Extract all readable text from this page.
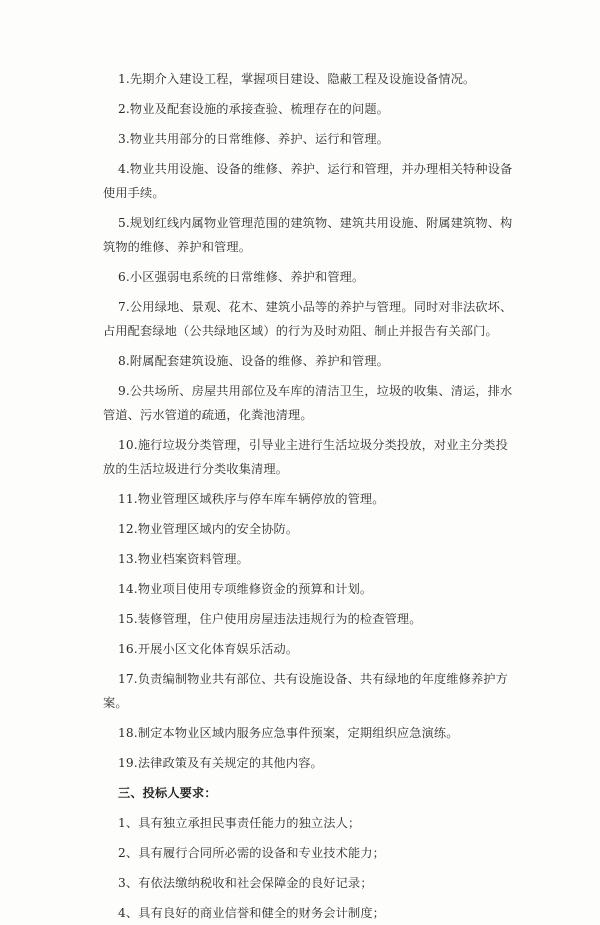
1.先期介入建设工程，掌握项目建设、隐蔽工程及设施设备情况。

2.物业及配套设施的承接查验、梳理存在的问题。

3.物业共用部分的日常维修、养护、运行和管理。

4.物业共用设施、设备的维修、养护、运行和管理，并办理相关特种设备使用手续。

5.规划红线内属物业管理范围的建筑物、建筑共用设施、附属建筑物、构筑物的维修、养护和管理。

6.小区强弱电系统的日常维修、养护和管理。

7.公用绿地、景观、花木、建筑小品等的养护与管理。同时对非法砍坏、占用配套绿地（公共绿地区域）的行为及时劝阻、制止并报告有关部门。

8.附属配套建筑设施、设备的维修、养护和管理。

9.公共场所、房屋共用部位及车库的清洁卫生，垃圾的收集、清运，排水管道、污水管道的疏通，化粪池清理。

10.施行垃圾分类管理，引导业主进行生活垃圾分类投放，对业主分类投放的生活垃圾进行分类收集清理。

11.物业管理区域秩序与停车库车辆停放的管理。

12.物业管理区域内的安全协防。

13.物业档案资料管理。

14.物业项目使用专项维修资金的预算和计划。

15.装修管理，住户使用房屋违法违规行为的检查管理。

16.开展小区文化体育娱乐活动。

17.负责编制物业共有部位、共有设施设备、共有绿地的年度维修养护方案。

18.制定本物业区域内服务应急事件预案，定期组织应急演练。

19.法律政策及有关规定的其他内容。

三、投标人要求：

1、具有独立承担民事责任能力的独立法人；

2、具有履行合同所必需的设备和专业技术能力；

3、有依法缴纳税收和社会保障金的良好记录；

4、具有良好的商业信誉和健全的财务会计制度；
